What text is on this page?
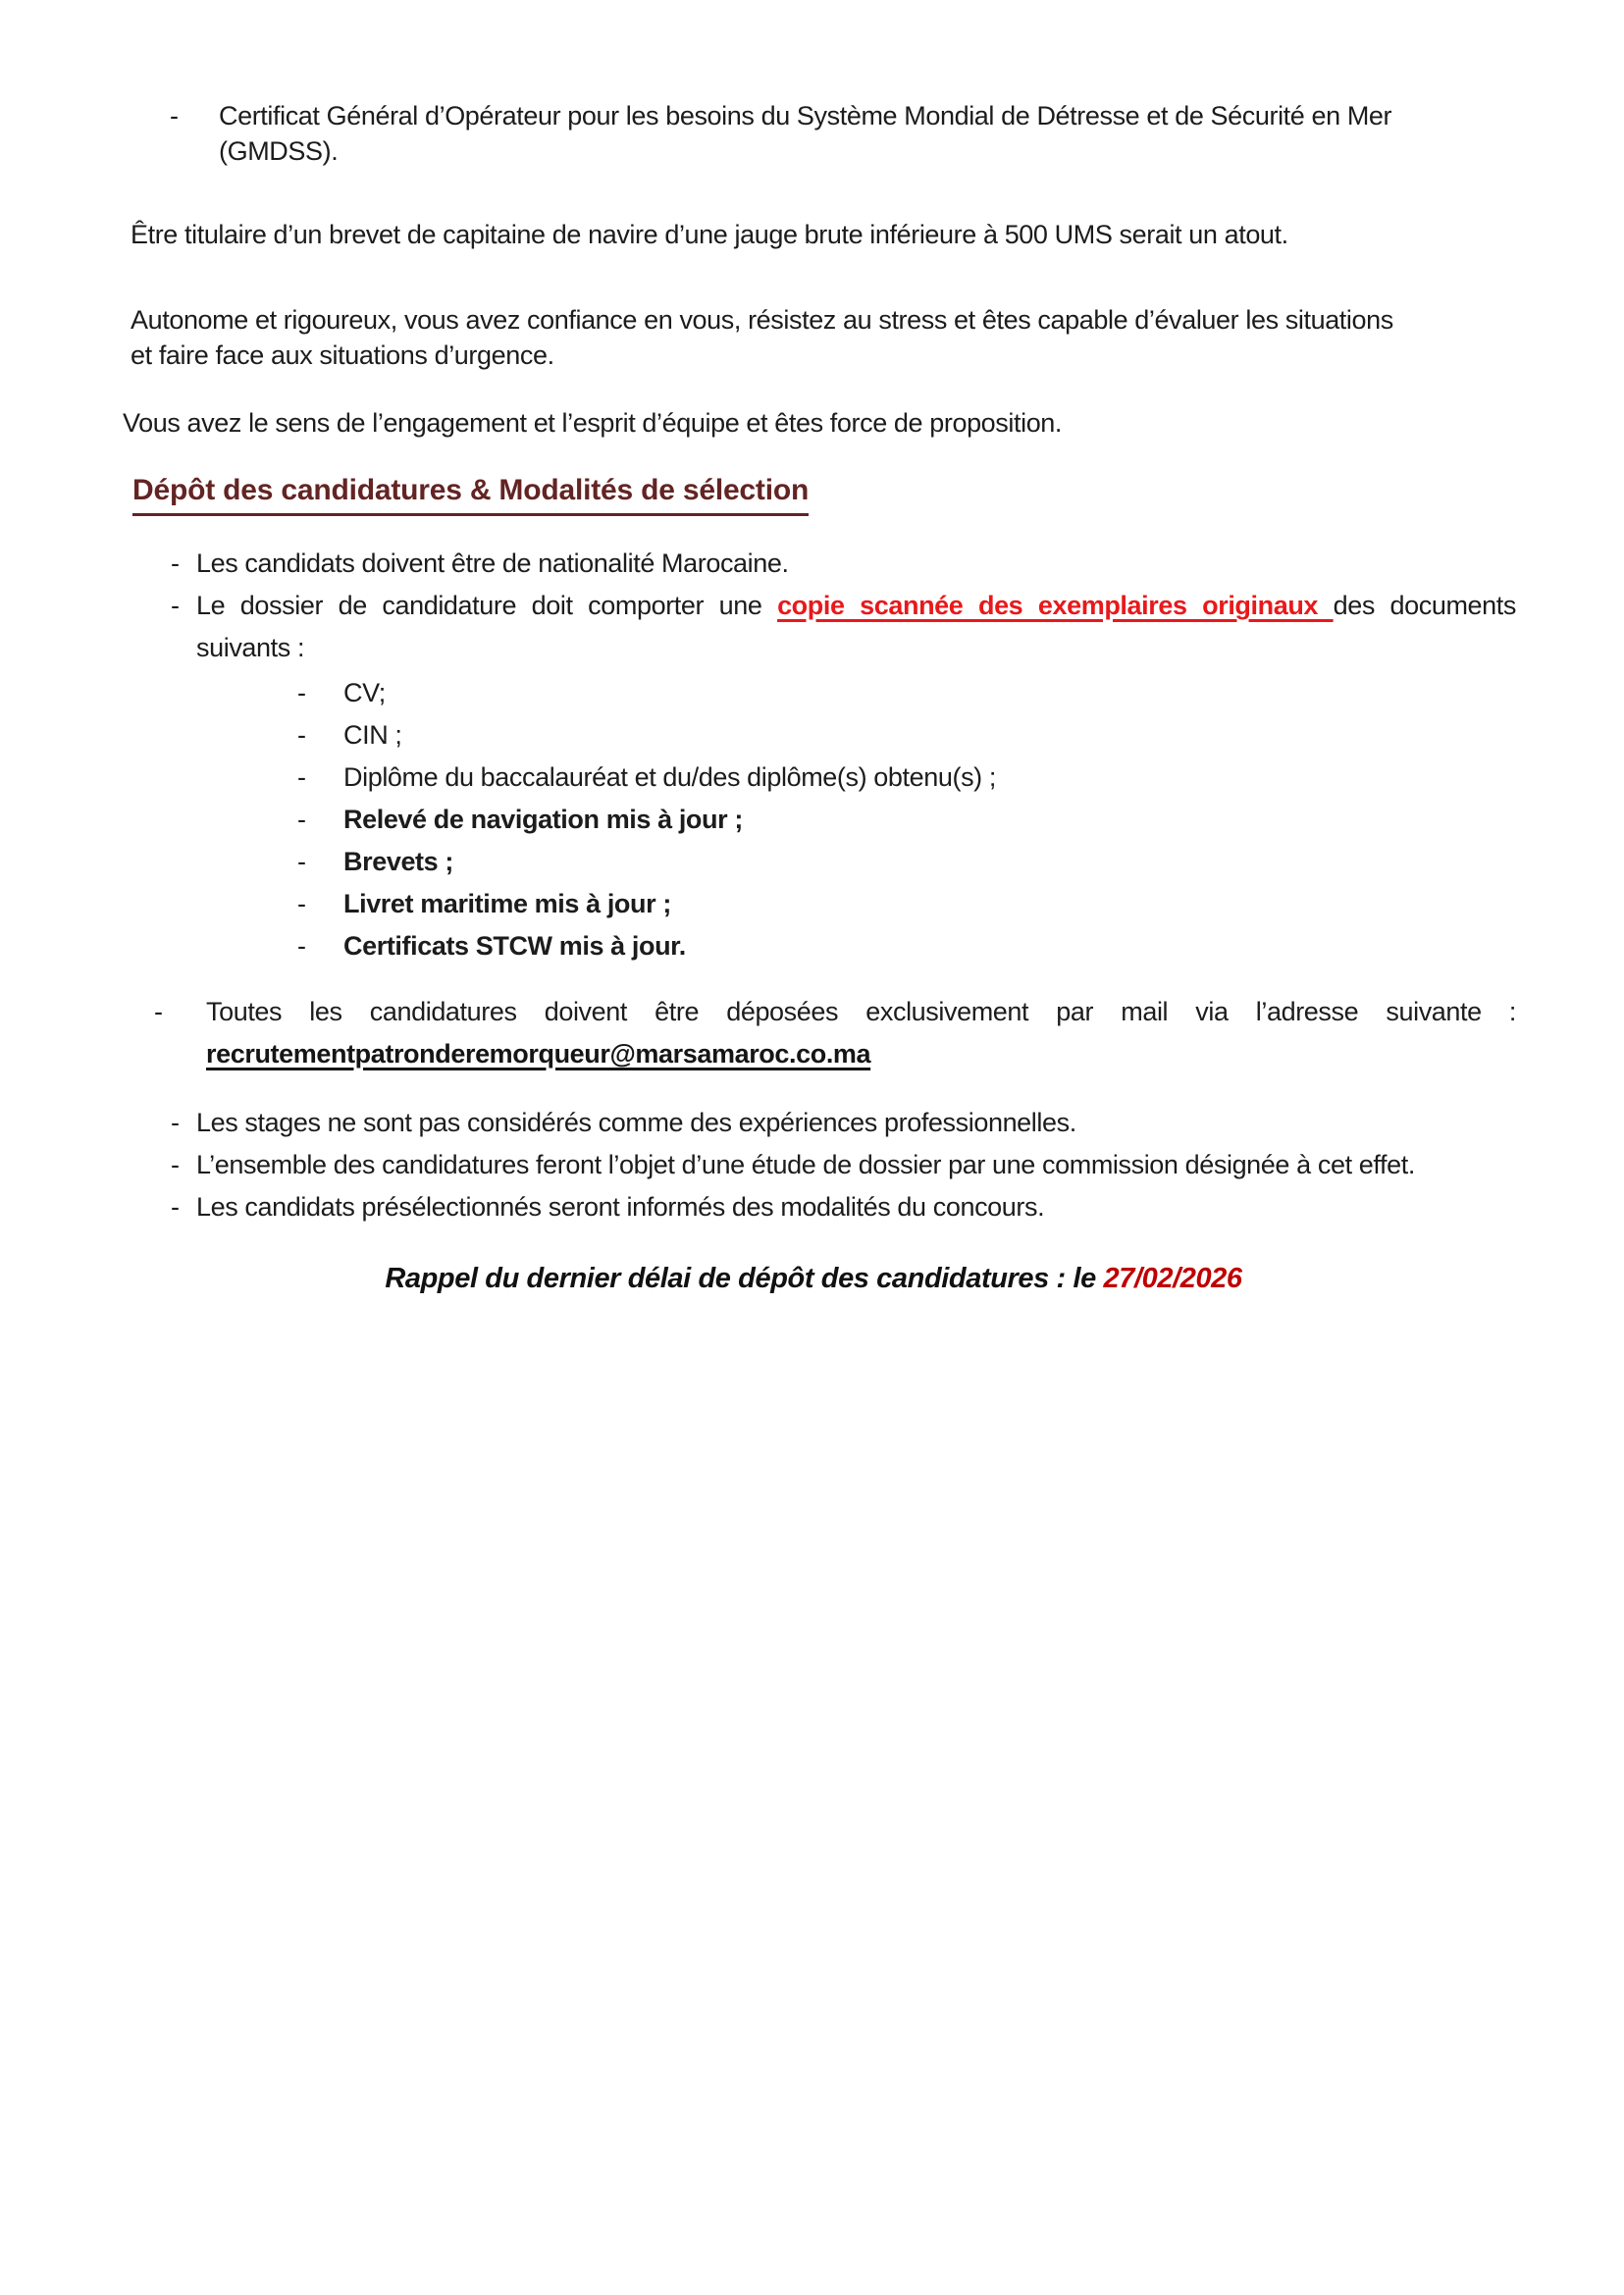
- Certificat Général d’Opérateur pour les besoins du Système Mondial de Détresse et de Sécurité en Mer
(GMDSS).

Être titulaire d’un brevet de capitaine de navire d’une jauge brute inférieure à 500 UMS serait un atout.

Autonome et rigoureux, vous avez confiance en vous, résistez au stress et êtes capable d’évaluer les situations
et faire face aux situations d’urgence.

Vous avez le sens de l’engagement et l’esprit d’équipe et êtes force de proposition.

Dépôt des candidatures & Modalités de sélection
- Les candidats doivent être de nationalité Marocaine.
- Le dossier de candidature doit comporter une copie scannée des exemplaires originaux des documents
suivants :
- CV;
- CIN ;
- Diplôme du baccalauréat et du/des diplôme(s) obtenu(s) ;
- Relevé de navigation mis à jour ;
- Brevets ;
- Livret maritime mis à jour ;
- Certificats STCW mis à jour.
- Toutes les candidatures doivent être déposées exclusivement par mail via l’adresse suivante :
recrutementpatronderemorqueur@marsamaroc.co.ma
- Les stages ne sont pas considérés comme des expériences professionnelles.
- L’ensemble des candidatures feront l’objet d’une étude de dossier par une commission désignée à cet effet.
- Les candidats présélectionnés seront informés des modalités du concours.

Rappel du dernier délai de dépôt des candidatures : le 27/02/2026
